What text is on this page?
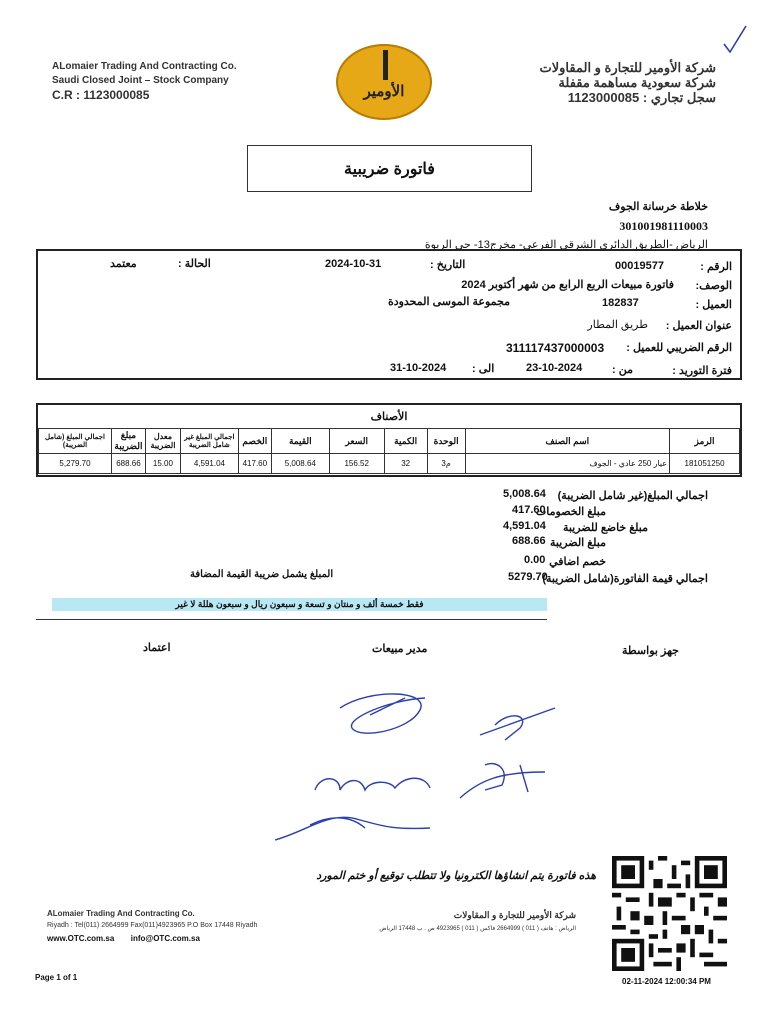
ALomaier Trading And Contracting Co.
Saudi Closed Joint – Stock Company
C.R : 1123000085	الأومير
شركة الأومير للتجارة و المقاولات
شركة سعودية مساهمة مقفلة
سجل تجاري : 1123000085
فاتورة ضريبية
خلاطة خرسانة الجوف
301001981110003
الرياض -الطريق الدائري الشرقي الفرعي- مخرج13- حي الربوة
الرقم :
00019577
التاريخ :
2024-10-31
الحالة :
معتمد
الوصف:
فاتورة مبيعات الربع الرابع من شهر أكتوبر 2024
العميل :
182837
مجموعة الموسى المحدودة
عنوان العميل :
طريق المطار
الرقم الضريبي للعميل :
311117437000003
فترة التوريد :
من :
23-10-2024
الى :
31-10-2024
الأصناف
الرمز	اسم الصنف	الوحدة	الكمية	السعر	القيمة	الخصم	اجمالي المبلغ غير شامل الضريبة	معدل الضريبة	مبلغ الضريبة	اجمالي المبلغ (شامل الضريبة)
181051250	عيار 250 عادي - الجوف	م3	32	156.52	5,008.64	417.60	4,591.04	15.00	688.66	5,279.70
اجمالي المبلغ(غير شامل الضريبة)
5,008.64
مبلغ الخصومات
417.60
مبلغ خاضع للضريبة
4,591.04
مبلغ الضريبة
688.66
خصم اضافي
0.00
اجمالي قيمة الفاتورة(شامل الضريبة)
5279.70
المبلغ يشمل ضريبة القيمة المضافة
فقط خمسة ألف و منتان و تسعة و سبعون ريال و سبعون هللة لا غير
جهز بواسطة
مدير مبيعات
اعتماد
هذه فاتورة يتم انشاؤها الكترونيا ولا تتطلب توقيع أو ختم المورد
ALomaier Trading And Contracting Co.
Riyadh : Tel(011) 2664999 Fax(011)4923965 P.O Box 17448 Riyadh
www.OTC.com.sa info@OTC.com.sa
شركة الأومير للتجارة و المقاولات
الرياض : هاتف ( 011 ) 2664999 فاكس ( 011 ) 4923965 ص . ب 17448 الرياض
Page 1 of 1	02-11-2024 12:00:34 PM
